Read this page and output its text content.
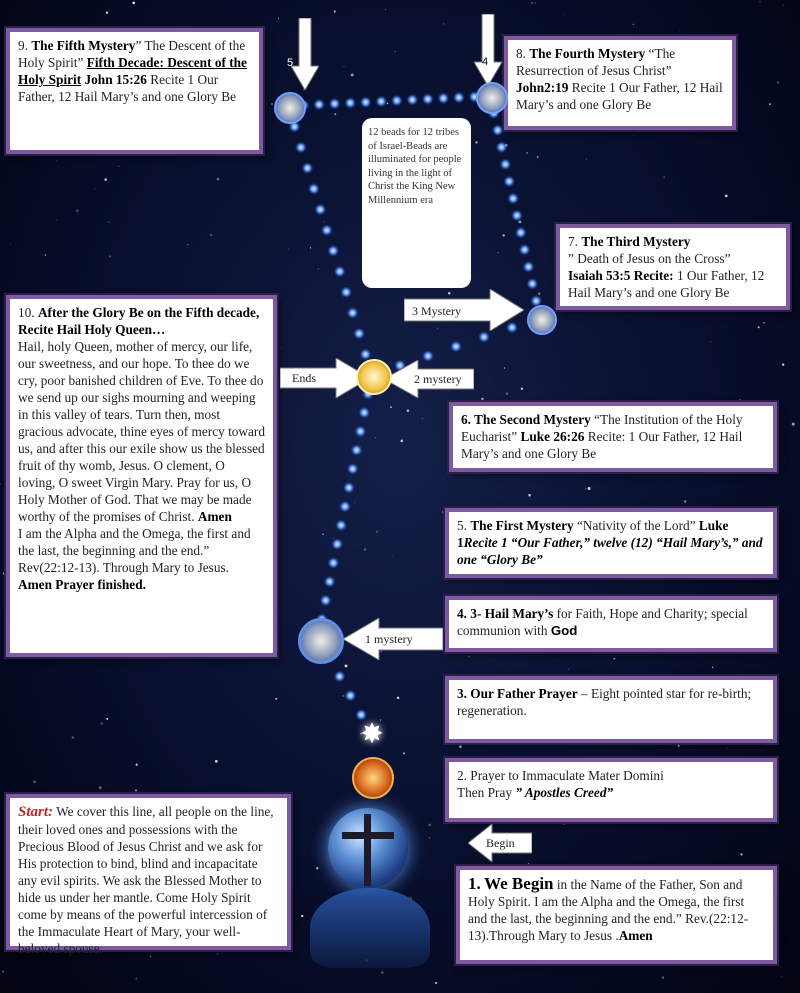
9. The Fifth Mystery” The Descent of the Holy Spirit” Fifth Decade: Descent of the Holy Spirit John 15:26 Recite 1 Our Father, 12 Hail Mary’s and one Glory Be
8. The Fourth Mystery “The Resurrection of Jesus Christ” John2:19 Recite 1 Our Father, 12 Hail Mary’s and one Glory Be
12 beads for 12 tribes of Israel-Beads are illuminated for people living in the light of Christ the King New Millennium era
7. The Third Mystery
” Death of Jesus on the Cross”
Isaiah 53:5 Recite: 1 Our Father, 12 Hail Mary’s and one Glory Be
10. After the Glory Be on the Fifth decade, Recite Hail Holy Queen…
Hail, holy Queen, mother of mercy, our life, our sweetness, and our hope. To thee do we cry, poor banished children of Eve. To thee do we send up our sighs mourning and weeping in this valley of tears. Turn then, most gracious advocate, thine eyes of mercy toward us, and after this our exile show us the blessed fruit of thy womb, Jesus. O clement, O loving, O sweet Virgin Mary. Pray for us, O Holy Mother of God. That we may be made worthy of the promises of Christ. Amen
I am the Alpha and the Omega, the first and the last, the beginning and the end.” Rev(22:12-13). Through Mary to Jesus.
Amen Prayer finished.
6. The Second Mystery “The Institution of the Holy Eucharist” Luke 26:26 Recite: 1 Our Father, 12 Hail Mary’s and one Glory Be
5. The First Mystery “Nativity of the Lord” Luke 1Recite 1 “Our Father,” twelve (12) “Hail Mary’s,” and one “Glory Be”
4. 3- Hail Mary’s for Faith, Hope and Charity; special communion with God
3. Our Father Prayer – Eight pointed star for re-birth; regeneration.
2. Prayer to Immaculate Mater Domini
Then Pray ” Apostles Creed”
Start: We cover this line, all people on the line, their loved ones and possessions with the Precious Blood of Jesus Christ and we ask for His protection to bind, blind and incapacitate any evil spirits. We ask the Blessed Mother to hide us under her mantle. Come Holy Spirit come by means of the powerful intercession of the Immaculate Heart of Mary, your well-beloved spouse.
1. We Begin in the Name of the Father, Son and Holy Spirit. I am the Alpha and the Omega, the first and the last, the beginning and the end.” Rev.(22:12-13).Through Mary to Jesus .Amen
5	4
3 Mystery
2 mystery
Ends
1 mystery
Begin
✸
